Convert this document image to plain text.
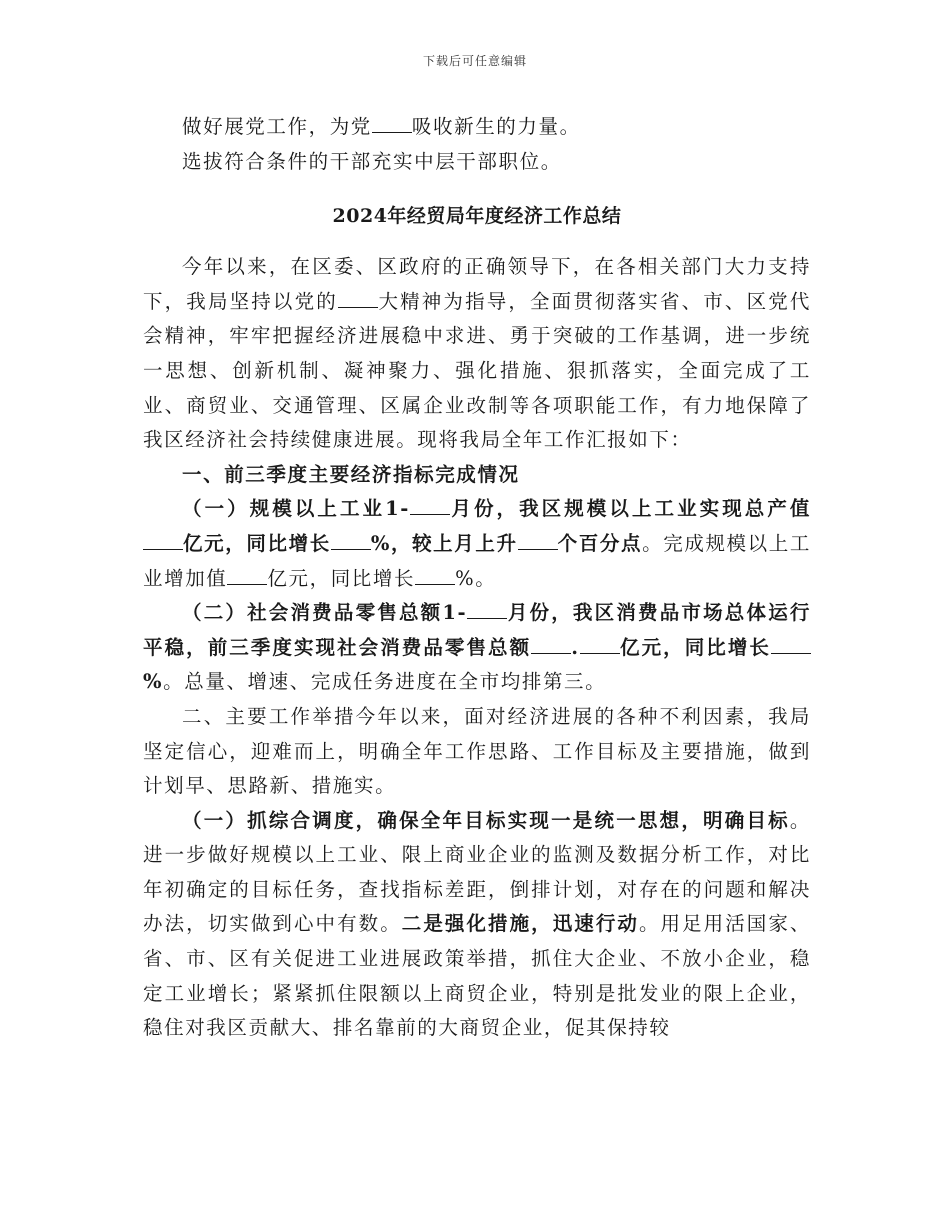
下载后可任意编辑

做好展党工作，为党 吸收新生的力量。

选拔符合条件的干部充实中层干部职位。

2024年经贸局年度经济工作总结

今年以来，在区委、区政府的正确领导下，在各相关部门大力支持下，我局坚持以党的 大精神为指导，全面贯彻落实省、市、区党代会精神，牢牢把握经济进展稳中求进、勇于突破的工作基调，进一步统一思想、创新机制、凝神聚力、强化措施、狠抓落实，全面完成了工业、商贸业、交通管理、区属企业改制等各项职能工作，有力地保障了我区经济社会持续健康进展。现将我局全年工作汇报如下：

一、前三季度主要经济指标完成情况

（一）规模以上工业1- 月份，我区规模以上工业实现总产值亿元，同比增长 %，较上月上升 个百分点。完成规模以上工业增加值 亿元，同比增长 %。

（二）社会消费品零售总额1- 月份，我区消费品市场总体运行平稳，前三季度实现社会消费品零售总额 . 亿元，同比增长%。总量、增速、完成任务进度在全市均排第三。

二、主要工作举措今年以来，面对经济进展的各种不利因素，我局坚定信心，迎难而上，明确全年工作思路、工作目标及主要措施，做到计划早、思路新、措施实。

（一）抓综合调度，确保全年目标实现一是统一思想，明确目标。进一步做好规模以上工业、限上商业企业的监测及数据分析工作，对比年初确定的目标任务，查找指标差距，倒排计划，对存在的问题和解决办法，切实做到心中有数。二是强化措施，迅速行动。用足用活国家、省、市、区有关促进工业进展政策举措，抓住大企业、不放小企业，稳定工业增长；紧紧抓住限额以上商贸企业，特别是批发业的限上企业，稳住对我区贡献大、排名靠前的大商贸企业，促其保持较
